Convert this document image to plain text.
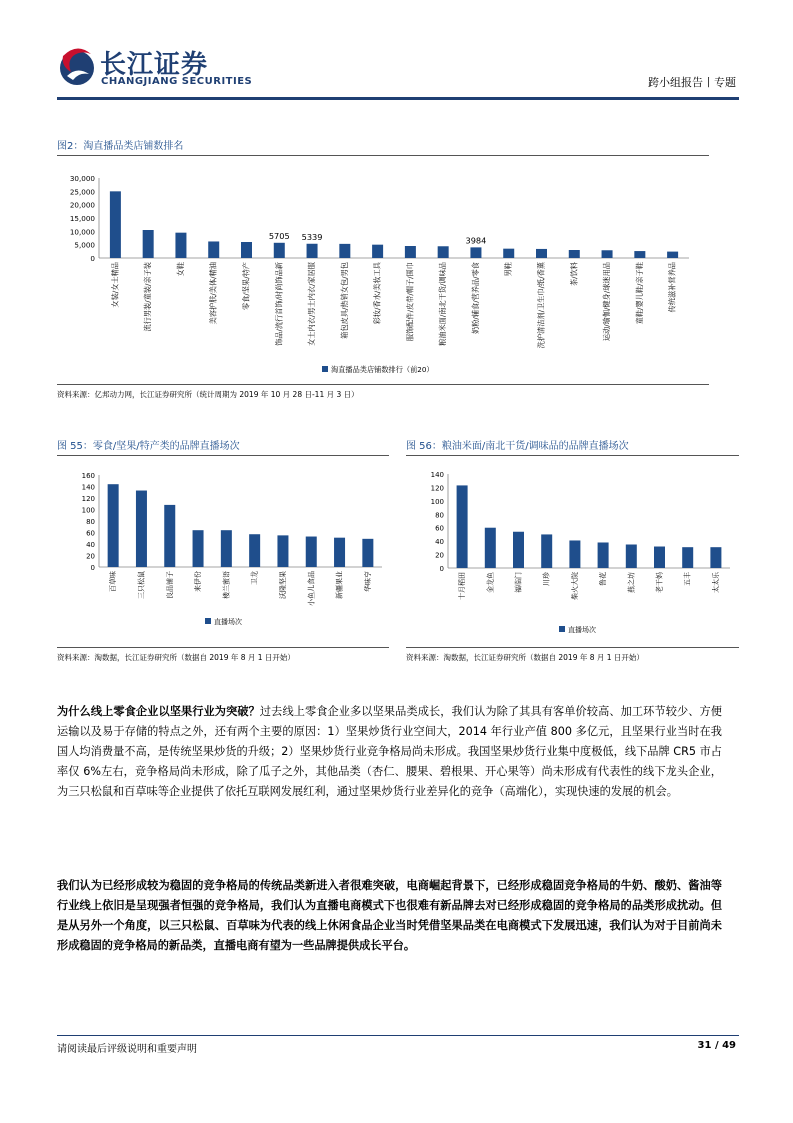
长江证券
CHANGJIANG SECURITIES	跨小组报告丨专题
图2：淘直播品类店铺数排名
30,000
25,000
20,000
15,000
10,000
5,000
0
女装/女士精品	流行男装/童装/亲子装	女鞋	美容护肤/美体/精油	零食/坚果/特产	饰品/流行首饰/时尚饰品新	女士内衣/男士内衣/家居服	箱包皮具/热销女包/男包	彩妆/香水/美妆工具	服饰配件/皮带/帽子/围巾	粮油米面/南北干货/调味品	奶粉/辅食/营养品/零食	男鞋	洗护清洁剂/卫生巾/纸/香薰	茶/饮料	运动/瑜伽/健身/球迷用品	童鞋/婴儿鞋/亲子鞋	传统滋补营养品
5705 5339	3984
淘直播品类店铺数排行（前20）
资料来源：亿邦动力网，长江证券研究所（统计周期为 2019 年 10 月 28 日-11 月 3 日）
图 55：零食/坚果/特产类的品牌直播场次
160
140
120
100
80
60
40
20
0
百草味	三只松鼠	良品铺子	来伊份	楼兰蜜语	卫龙	沃隆坚果	小鱼儿食品	新疆果业	华味亨
直播场次
资料来源：淘数据，长江证券研究所（数据自 2019 年 8 月 1 日开始）
图 56：粮油米面/南北干货/调味品的品牌直播场次
140
120
100
80
60
40
20
0
十月稻田	金龙鱼	福临门	川珍	柴火大院	鲁花	燕之坊	老干妈	五丰	太太乐
直播场次
资料来源：淘数据，长江证券研究所（数据自 2019 年 8 月 1 日开始）

为什么线上零食企业以坚果行业为突破？过去线上零食企业多以坚果品类成长，我们认为除了其具有客单价较高、加工环节较少、方便运输以及易于存储的特点之外，还有两个主要的原因：1）坚果炒货行业空间大，2014 年行业产值 800 多亿元，且坚果行业当时在我国人均消费量不高，是传统坚果炒货的升级；2）坚果炒货行业竞争格局尚未形成。我国坚果炒货行业集中度极低，线下品牌 CR5 市占率仅 6%左右，竞争格局尚未形成，除了瓜子之外，其他品类（杏仁、腰果、碧根果、开心果等）尚未形成有代表性的线下龙头企业，为三只松鼠和百草味等企业提供了依托互联网发展红利，通过坚果炒货行业差异化的竞争（高端化），实现快速的发展的机会。

我们认为已经形成较为稳固的竞争格局的传统品类新进入者很难突破，电商崛起背景下，已经形成稳固竞争格局的牛奶、酸奶、酱油等行业线上依旧是呈现强者恒强的竞争格局，我们认为直播电商模式下也很难有新品牌去对已经形成稳固的竞争格局的品类形成扰动。但是从另外一个角度，以三只松鼠、百草味为代表的线上休闲食品企业当时凭借坚果品类在电商模式下发展迅速，我们认为对于目前尚未形成稳固的竞争格局的新品类，直播电商有望为一些品牌提供成长平台。

请阅读最后评级说明和重要声明	31 / 49
